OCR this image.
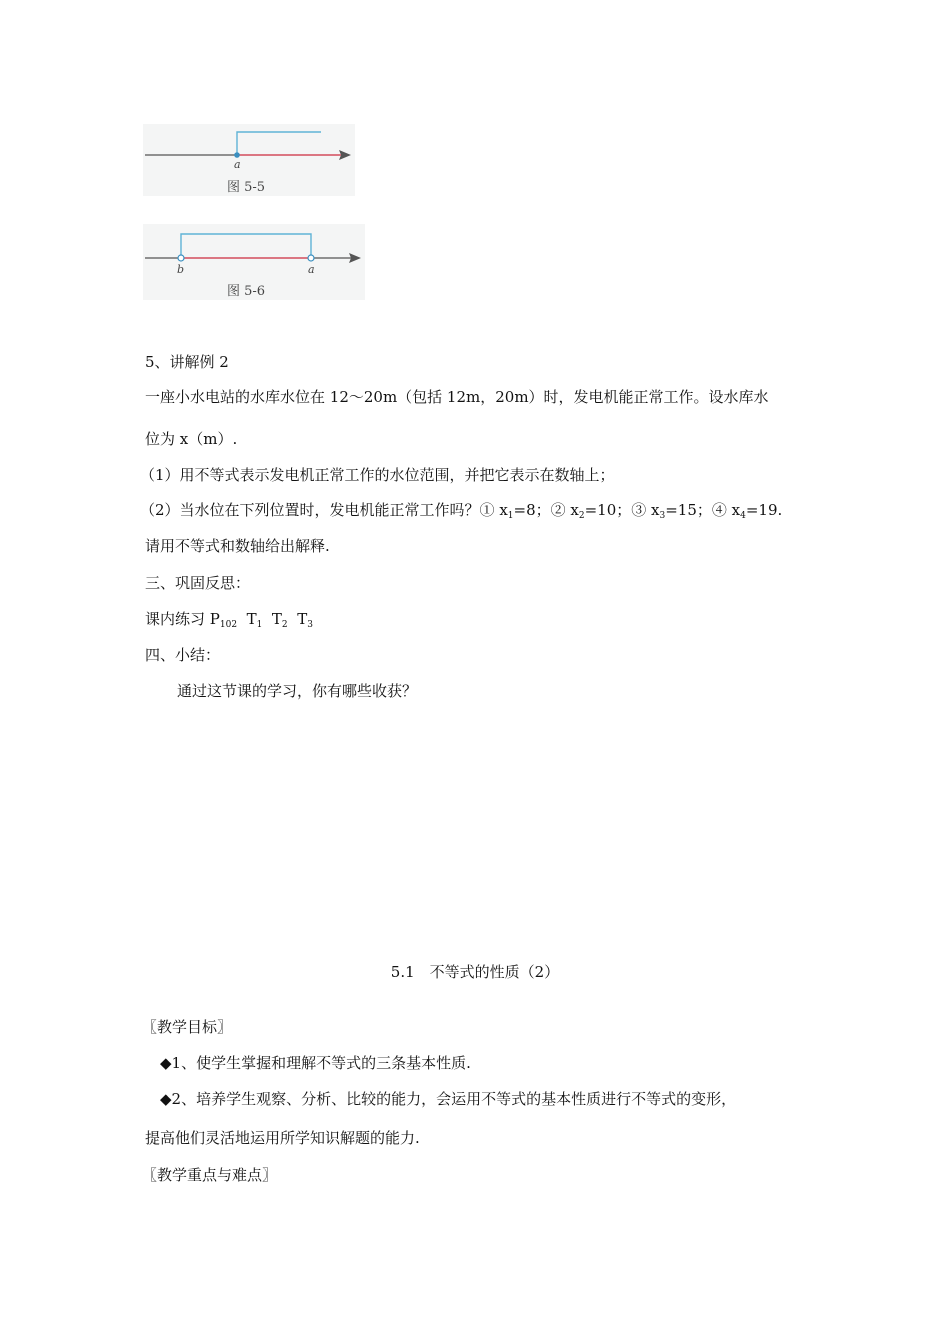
a
图 5-5
b	a
图 5-6
5、讲解例 2
一座小水电站的水库水位在 12～20m（包括 12m，20m）时，发电机能正常工作。设水库水
位为 x（m）.
（1）用不等式表示发电机正常工作的水位范围，并把它表示在数轴上；
（2）当水位在下列位置时，发电机能正常工作吗？① $x_1=8$；② $x_2=10$；③ $x_3=15$；④ $x_4=19$.
请用不等式和数轴给出解释.
三、巩固反思：
课内练习 $P_{102}$ $T_1$ $T_2$ $T_3$
四、小结：
通过这节课的学习，你有哪些收获？
5.1　不等式的性质（2）
〖教学目标〗
◆1、使学生掌握和理解不等式的三条基本性质.
◆2、培养学生观察、分析、比较的能力，会运用不等式的基本性质进行不等式的变形，
提高他们灵活地运用所学知识解题的能力.
〖教学重点与难点〗
